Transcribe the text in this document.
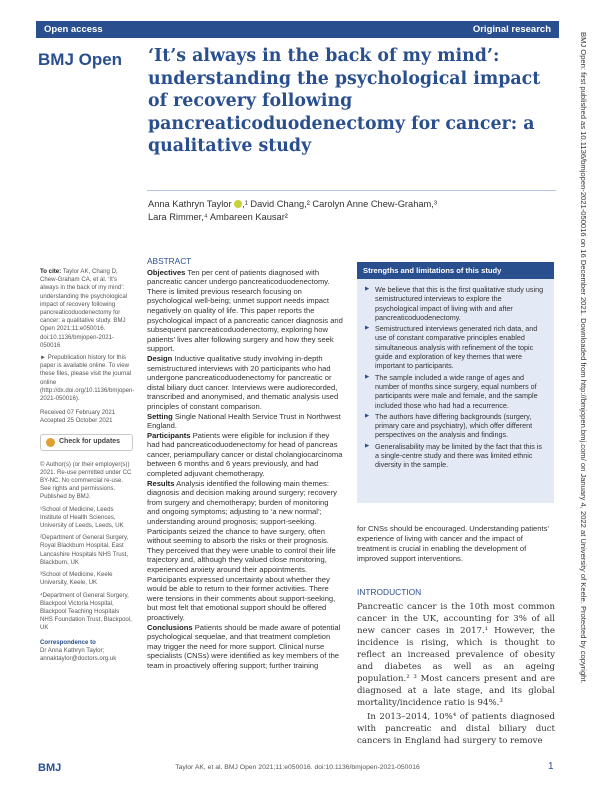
Open access	Original research
BMJ Open ‘It’s always in the back of my mind’: understanding the psychological impact of recovery following pancreaticoduodenectomy for cancer: a qualitative study
Anna Kathryn Taylor ,¹ David Chang,² Carolyn Anne Chew-Graham,³
Lara Rimmer,⁴ Ambareen Kausar²

To cite: Taylor AK, Chang D, Chew-Graham CA, et al. ‘It’s always in the back of my mind’: understanding the psychological impact of recovery following pancreaticoduodenectomy for cancer: a qualitative study. BMJ Open 2021;11:e050016. doi:10.1136/bmjopen-2021-050016

► Prepublication history for this paper is available online. To view these files, please visit the journal online (http://dx.doi.org/10.1136/bmjopen-2021-050016).

Received 07 February 2021

Accepted 25 October 2021

Check for updates

© Author(s) (or their employer(s)) 2021. Re-use permitted under CC BY-NC. No commercial re-use. See rights and permissions. Published by BMJ.

¹School of Medicine, Leeds Institute of Health Sciences, University of Leeds, Leeds, UK

²Department of General Surgery, Royal Blackburn Hospital, East Lancashire Hospitals NHS Trust, Blackburn, UK

³School of Medicine, Keele University, Keele, UK

⁴Department of General Surgery, Blackpool Victoria Hospital, Blackpool Teaching Hospitals NHS Foundation Trust, Blackpool, UK

Correspondence to
Dr Anna Kathryn Taylor;
annaktaylor@doctors.org.uk

ABSTRACT

Objectives Ten per cent of patients diagnosed with pancreatic cancer undergo pancreaticoduodenectomy. There is limited previous research focusing on psychological well-being; unmet support needs impact negatively on quality of life. This paper reports the psychological impact of a pancreatic cancer diagnosis and subsequent pancreaticoduodenectomy, exploring how patients’ lives alter following surgery and how they seek support.

Design Inductive qualitative study involving in-depth semistructured interviews with 20 participants who had undergone pancreaticoduodenectomy for pancreatic or distal biliary duct cancer. Interviews were audiorecorded, transcribed and anonymised, and thematic analysis used principles of constant comparison.

Setting Single National Health Service Trust in Northwest England.

Participants Patients were eligible for inclusion if they had had pancreaticoduodenectomy for head of pancreas cancer, periampullary cancer or distal cholangiocarcinoma between 6 months and 6 years previously, and had completed adjuvant chemotherapy.

Results Analysis identified the following main themes: diagnosis and decision making around surgery; recovery from surgery and chemotherapy; burden of monitoring and ongoing symptoms; adjusting to ‘a new normal’; understanding around prognosis; support-seeking. Participants seized the chance to have surgery, often without seeming to absorb the risks or their prognosis. They perceived that they were unable to control their life trajectory and, although they valued close monitoring, experienced anxiety around their appointments. Participants expressed uncertainty about whether they would be able to return to their former activities. There were tensions in their comments about support-seeking, but most felt that emotional support should be offered proactively.

Conclusions Patients should be made aware of potential psychological sequelae, and that treatment completion may trigger the need for more support. Clinical nurse specialists (CNSs) were identified as key members of the team in proactively offering support; further training

Strengths and limitations of this study
▶ We believe that this is the first qualitative study using semistructured interviews to explore the psychological impact of living with and after pancreaticoduodenectomy.
▶ Semistructured interviews generated rich data, and use of constant comparative principles enabled simultaneous analysis with refinement of the topic guide and exploration of key themes that were important to participants.
▶ The sample included a wide range of ages and number of months since surgery, equal numbers of participants were male and female, and the sample included those who had had a recurrence.
▶ The authors have differing backgrounds (surgery, primary care and psychiatry), which offer different perspectives on the analysis and findings.
▶ Generalisability may be limited by the fact that this is a single-centre study and there was limited ethnic diversity in the sample.
for CNSs should be encouraged. Understanding patients’ experience of living with cancer and the impact of treatment is crucial in enabling the development of improved support interventions.
INTRODUCTION

Pancreatic cancer is the 10th most common cancer in the UK, accounting for 3% of all new cancer cases in 2017.¹ However, the incidence is rising, which is thought to reflect an increased prevalence of obesity and diabetes as well as an ageing population.² ³ Most cancers present and are diagnosed at a late stage, and its global mortality/incidence ratio is 94%.³

In 2013–2014, 10%⁴ of patients diagnosed with pancreatic and distal biliary duct cancers in England had surgery to remove

Taylor AK, et al. BMJ Open 2021;11:e050016. doi:10.1136/bmjopen-2021-050016
BMJ	1
BMJ Open: first published as 10.1136/bmjopen-2021-050016 on 16 December 2021. Downloaded from http://bmjopen.bmj.com/ on January 4, 2022 at University of Keele. Protected by copyright.
